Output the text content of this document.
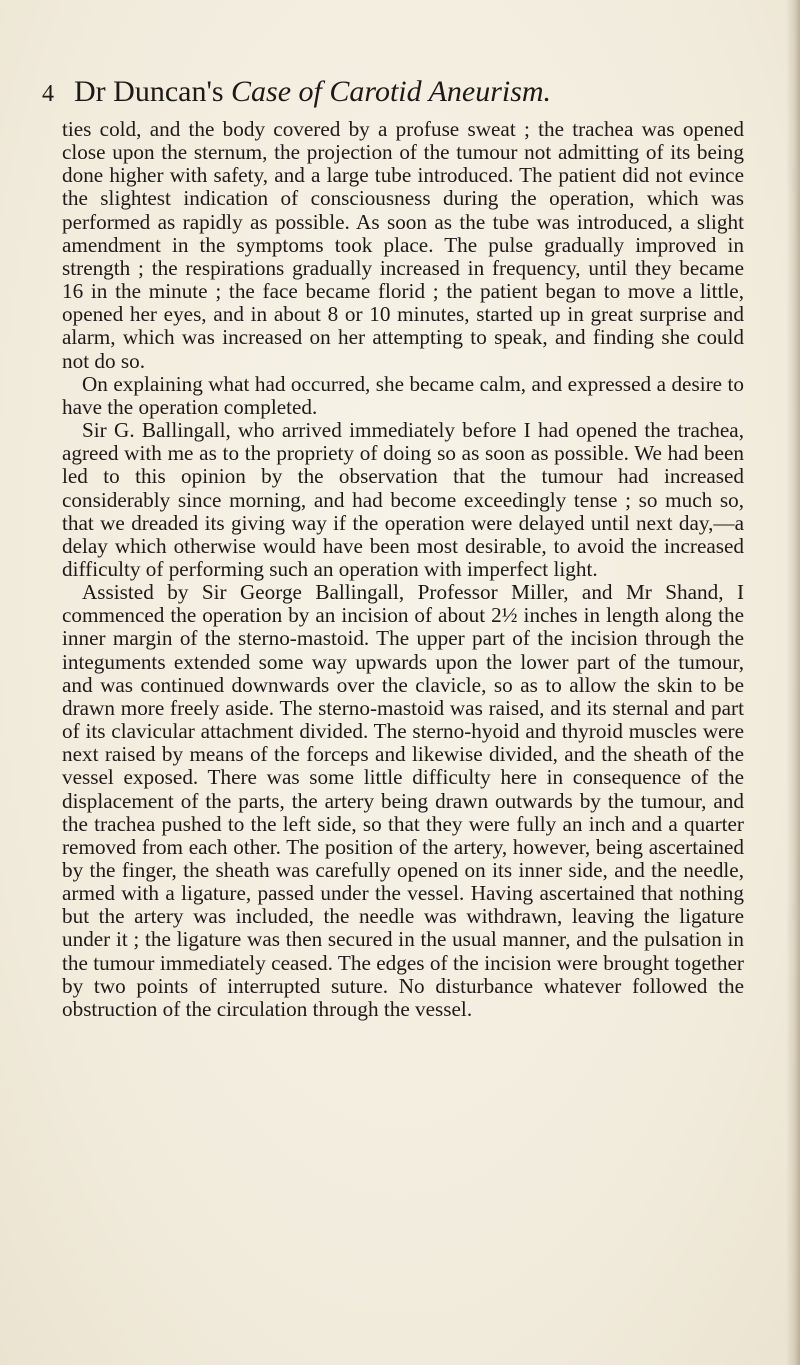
4 Dr Duncan's Case of Carotid Aneurism.

ties cold, and the body covered by a profuse sweat ; the trachea was opened close upon the sternum, the projection of the tumour not admitting of its being done higher with safety, and a large tube introduced. The patient did not evince the slightest indication of consciousness during the operation, which was performed as rapidly as possible. As soon as the tube was introduced, a slight amendment in the symptoms took place. The pulse gradually improved in strength ; the respirations gradually increased in frequency, until they became 16 in the minute ; the face became florid ; the patient began to move a little, opened her eyes, and in about 8 or 10 minutes, started up in great surprise and alarm, which was increased on her attempting to speak, and finding she could not do so.

On explaining what had occurred, she became calm, and expressed a desire to have the operation completed.

Sir G. Ballingall, who arrived immediately before I had opened the trachea, agreed with me as to the propriety of doing so as soon as possible. We had been led to this opinion by the observation that the tumour had increased considerably since morning, and had become exceedingly tense ; so much so, that we dreaded its giving way if the operation were delayed until next day,—a delay which otherwise would have been most desirable, to avoid the increased difficulty of performing such an operation with imperfect light.

Assisted by Sir George Ballingall, Professor Miller, and Mr Shand, I commenced the operation by an incision of about 2½ inches in length along the inner margin of the sterno-mastoid. The upper part of the incision through the integuments extended some way upwards upon the lower part of the tumour, and was continued downwards over the clavicle, so as to allow the skin to be drawn more freely aside. The sterno-mastoid was raised, and its sternal and part of its clavicular attachment divided. The sterno-hyoid and thyroid muscles were next raised by means of the forceps and likewise divided, and the sheath of the vessel exposed. There was some little difficulty here in consequence of the displacement of the parts, the artery being drawn outwards by the tumour, and the trachea pushed to the left side, so that they were fully an inch and a quarter removed from each other. The position of the artery, however, being ascertained by the finger, the sheath was carefully opened on its inner side, and the needle, armed with a ligature, passed under the vessel. Having ascertained that nothing but the artery was included, the needle was withdrawn, leaving the ligature under it ; the ligature was then secured in the usual manner, and the pulsation in the tumour immediately ceased. The edges of the incision were brought together by two points of interrupted suture. No disturbance whatever followed the obstruction of the circulation through the vessel.
